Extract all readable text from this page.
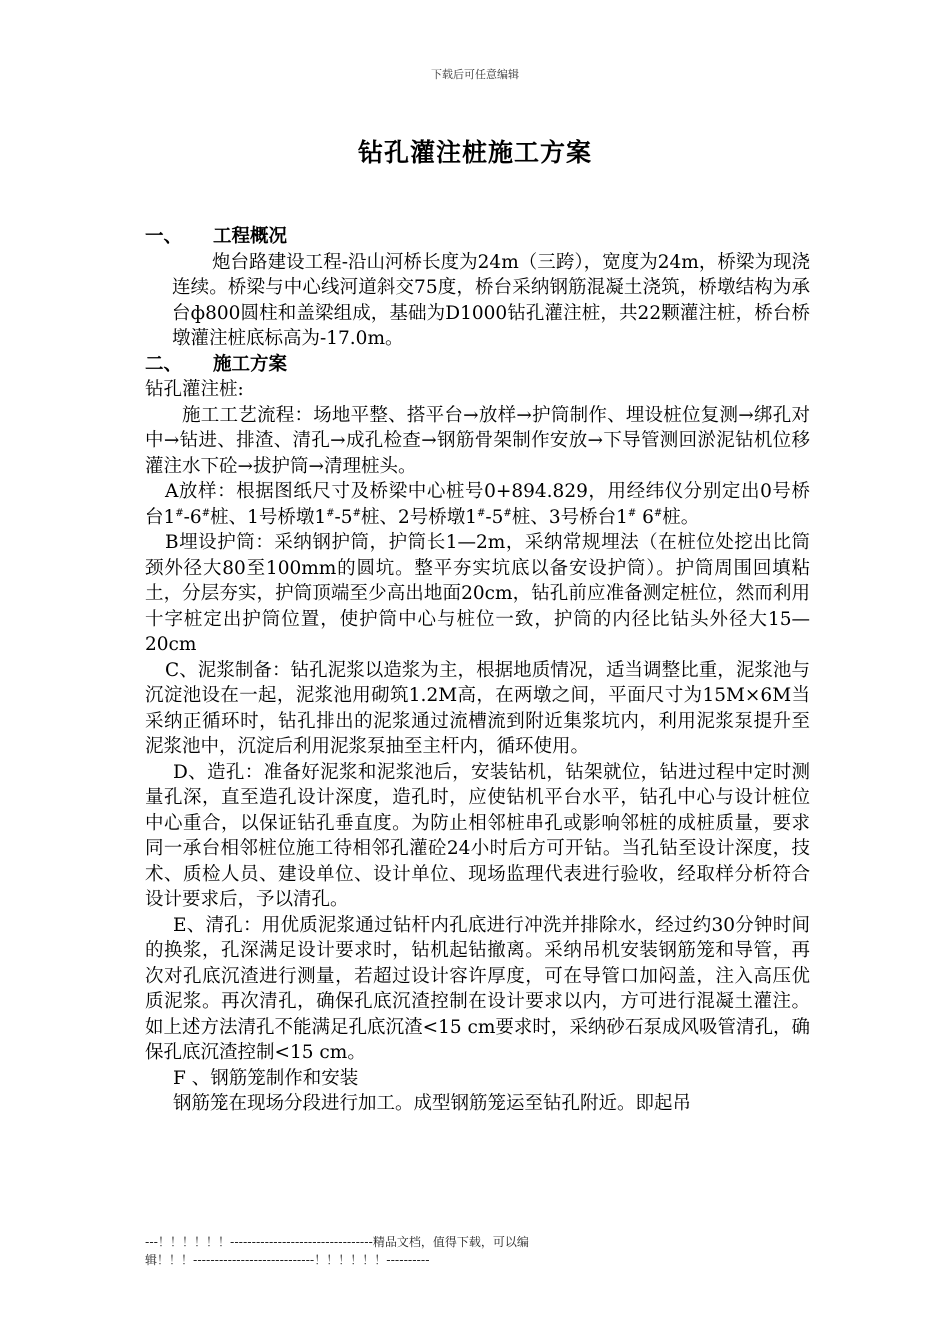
下载后可任意编辑
钻孔灌注桩施工方案
一、	工程概况
炮台路建设工程-沿山河桥长度为24m（三跨），宽度为24m，桥梁为现浇连续。桥梁与中心线河道斜交75度，桥台采纳钢筋混凝土浇筑，桥墩结构为承台ф800圆柱和盖梁组成，基础为D1000钻孔灌注桩，共22颗灌注桩，桥台桥墩灌注桩底标高为-17.0m。
二、	施工方案

钻孔灌注桩:

施工工艺流程：场地平整、搭平台→放样→护筒制作、埋设桩位复测→绑孔对中→钻进、排渣、清孔→成孔检查→钢筋骨架制作安放→下导管测回淤泥钻机位移灌注水下砼→拔护筒→清理桩头。

A放样：根据图纸尺寸及桥梁中心桩号0+894.829，用经纬仪分别定出0号桥台1#-6#桩、1号桥墩1#-5#桩、2号桥墩1#-5#桩、3号桥台1# 6#桩。

B埋设护筒：采纳钢护筒，护筒长1—2m，采纳常规埋法（在桩位处挖出比筒颈外径大80至100mm的圆坑。整平夯实坑底以备安设护筒）。护筒周围回填粘土，分层夯实，护筒顶端至少高出地面20cm，钻孔前应准备测定桩位，然而利用十字桩定出护筒位置，使护筒中心与桩位一致，护筒的内径比钻头外径大15—20cm

C、泥浆制备：钻孔泥浆以造浆为主，根据地质情况，适当调整比重，泥浆池与沉淀池设在一起，泥浆池用砌筑1.2M高，在两墩之间，平面尺寸为15M×6M当采纳正循环时，钻孔排出的泥浆通过流槽流到附近集浆坑内，利用泥浆泵提升至泥浆池中，沉淀后利用泥浆泵抽至主杆内，循环使用。

D、造孔：准备好泥浆和泥浆池后，安装钻机，钻架就位，钻进过程中定时测量孔深，直至造孔设计深度，造孔时，应使钻机平台水平，钻孔中心与设计桩位中心重合，以保证钻孔垂直度。为防止相邻桩串孔或影响邻桩的成桩质量，要求同一承台相邻桩位施工待相邻孔灌砼24小时后方可开钻。当孔钻至设计深度，技术、质检人员、建设单位、设计单位、现场监理代表进行验收，经取样分析符合设计要求后，予以清孔。

E、清孔：用优质泥浆通过钻杆内孔底进行冲洗并排除水，经过约30分钟时间的换浆，孔深满足设计要求时，钻机起钻撤离。采纳吊机安装钢筋笼和导管，再次对孔底沉渣进行测量，若超过设计容许厚度，可在导管口加闷盖，注入高压优质泥浆。再次清孔，确保孔底沉渣控制在设计要求以内，方可进行混凝土灌注。如上述方法清孔不能满足孔底沉渣<15 cm要求时，采纳砂石泵成风吸管清孔，确保孔底沉渣控制<15 cm。

F 、钢筋笼制作和安装

钢筋笼在现场分段进行加工。成型钢筋笼运至钻孔附近。即起吊

---！！！！！！---------------------------------精品文档，值得下载，可以编
辑！！！----------------------------！！！！！！----------
